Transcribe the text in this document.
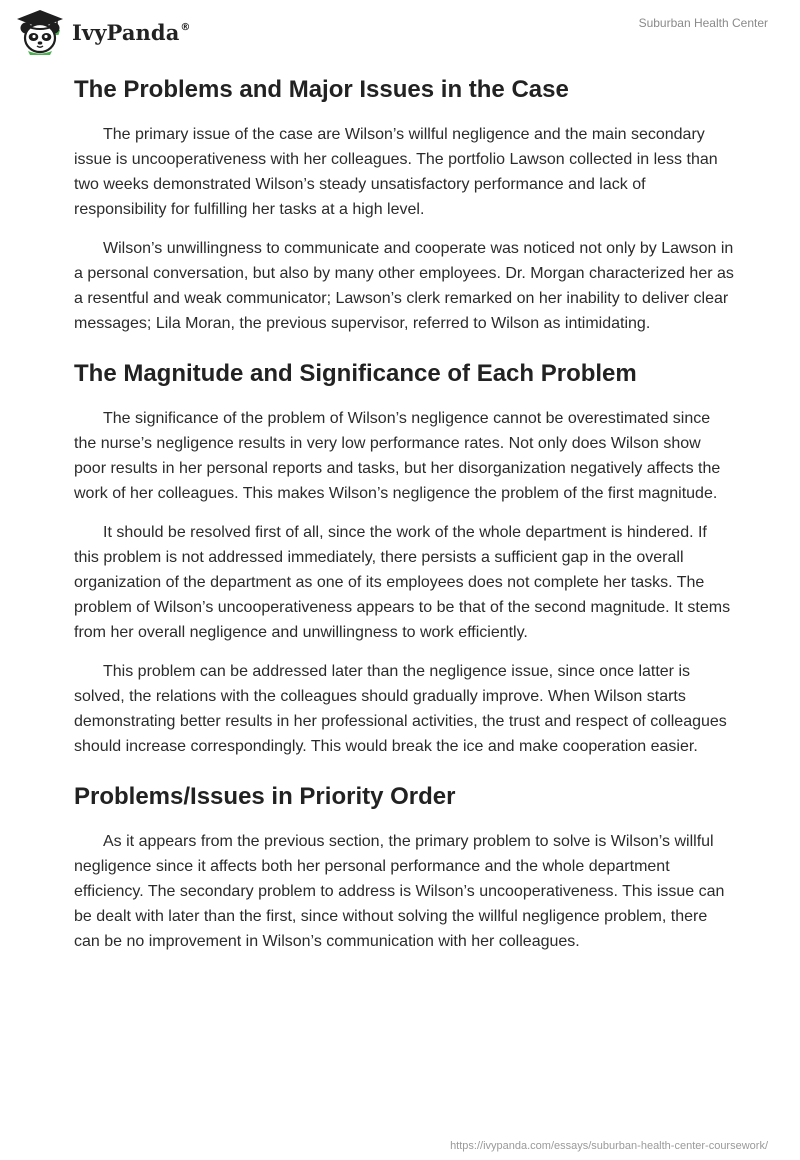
IvyPanda®	Suburban Health Center
The Problems and Major Issues in the Case

The primary issue of the case are Wilson’s willful negligence and the main secondary issue is uncooperativeness with her colleagues. The portfolio Lawson collected in less than two weeks demonstrated Wilson’s steady unsatisfactory performance and lack of responsibility for fulfilling her tasks at a high level.

Wilson’s unwillingness to communicate and cooperate was noticed not only by Lawson in a personal conversation, but also by many other employees. Dr. Morgan characterized her as a resentful and weak communicator; Lawson’s clerk remarked on her inability to deliver clear messages; Lila Moran, the previous supervisor, referred to Wilson as intimidating.

The Magnitude and Significance of Each Problem

The significance of the problem of Wilson’s negligence cannot be overestimated since the nurse’s negligence results in very low performance rates. Not only does Wilson show poor results in her personal reports and tasks, but her disorganization negatively affects the work of her colleagues. This makes Wilson’s negligence the problem of the first magnitude.

It should be resolved first of all, since the work of the whole department is hindered. If this problem is not addressed immediately, there persists a sufficient gap in the overall organization of the department as one of its employees does not complete her tasks. The problem of Wilson’s uncooperativeness appears to be that of the second magnitude. It stems from her overall negligence and unwillingness to work efficiently.

This problem can be addressed later than the negligence issue, since once latter is solved, the relations with the colleagues should gradually improve. When Wilson starts demonstrating better results in her professional activities, the trust and respect of colleagues should increase correspondingly. This would break the ice and make cooperation easier.

Problems/Issues in Priority Order

As it appears from the previous section, the primary problem to solve is Wilson’s willful negligence since it affects both her personal performance and the whole department efficiency. The secondary problem to address is Wilson’s uncooperativeness. This issue can be dealt with later than the first, since without solving the willful negligence problem, there can be no improvement in Wilson’s communication with her colleagues.

https://ivypanda.com/essays/suburban-health-center-coursework/
